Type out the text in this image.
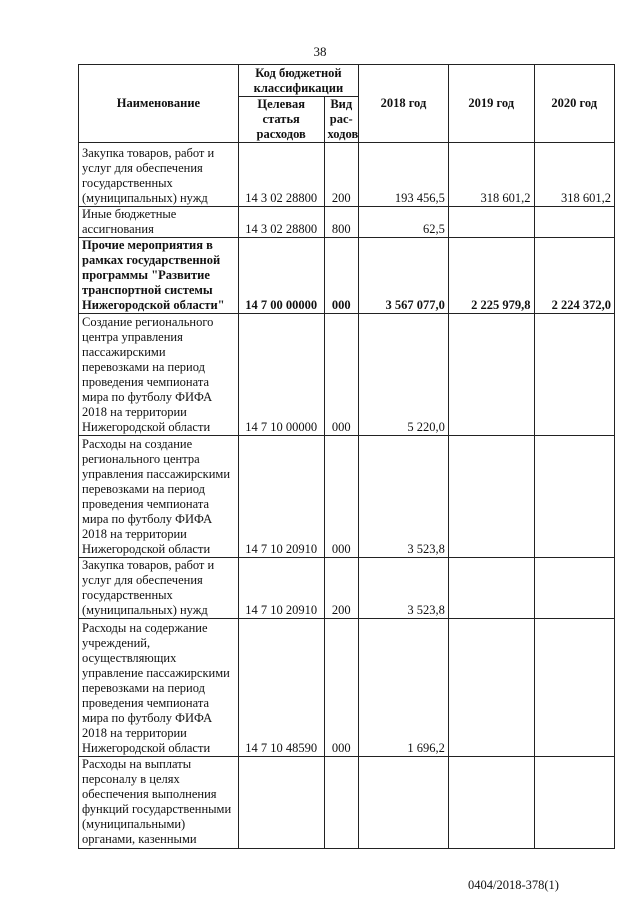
38
Наименование	Код бюджетной классификации		2018 год	2019 год	2020 год
	Целевая статья расходов	Вид рас-ходов			
Закупка товаров, работ и услуг для обеспечения государственных (муниципальных) нужд	14 3 02 28800	200	193 456,5	318 601,2	318 601,2
Иные бюджетные ассигнования	14 3 02 28800	800	62,5		
Прочие мероприятия в рамках государственной программы "Развитие транспортной системы Нижегородской области"	14 7 00 00000	000	3 567 077,0	2 225 979,8	2 224 372,0
Создание регионального центра управления пассажирскими перевозками на период проведения чемпионата мира по футболу ФИФА 2018 на территории Нижегородской области	14 7 10 00000	000	5 220,0		
Расходы на создание регионального центра управления пассажирскими перевозками на период проведения чемпионата мира по футболу ФИФА 2018 на территории Нижегородской области	14 7 10 20910	000	3 523,8		
Закупка товаров, работ и услуг для обеспечения государственных (муниципальных) нужд	14 7 10 20910	200	3 523,8		
Расходы на содержание учреждений, осуществляющих управление пассажирскими перевозками на период проведения чемпионата мира по футболу ФИФА 2018 на территории Нижегородской области	14 7 10 48590	000	1 696,2		
Расходы на выплаты персоналу в целях обеспечения выполнения функций государственными (муниципальными) органами, казенными					
0404/2018-378(1)
